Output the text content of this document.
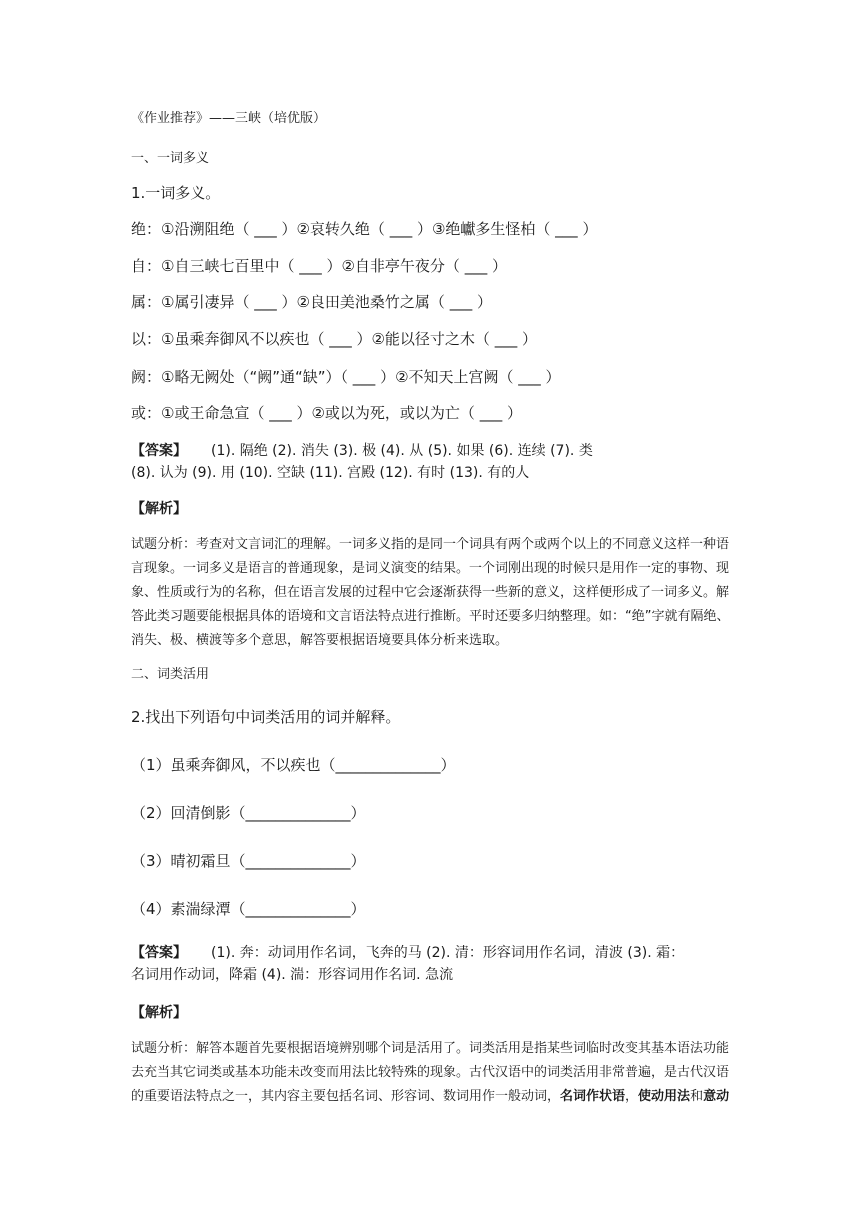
《作业推荐》——三峡（培优版）
一、一词多义
1.一词多义。
绝：①沿溯阻绝（ ___ ）②哀转久绝（ ___ ）③绝巘多生怪柏（ ___ ）
自：①自三峡七百里中（ ___ ）②自非亭午夜分（ ___ ）
属：①属引凄异（ ___ ）②良田美池桑竹之属（ ___ ）
以：①虽乘奔御风不以疾也（ ___ ）②能以径寸之木（ ___ ）
阙：①略无阙处（“阙”通“缺”）（ ___ ）②不知天上宫阙（ ___ ）
或：①或王命急宣（ ___ ）②或以为死，或以为亡（ ___ ）
【答案】 (1). 隔绝 (2). 消失 (3). 极 (4). 从 (5). 如果 (6). 连续 (7). 类
(8). 认为 (9). 用 (10). 空缺 (11). 宫殿 (12). 有时 (13). 有的人
【解析】
试题分析：考查对文言词汇的理解。一词多义指的是同一个词具有两个或两个以上的不同意义这样一种语言现象。一词多义是语言的普通现象，是词义演变的结果。一个词刚出现的时候只是用作一定的事物、现象、性质或行为的名称，但在语言发展的过程中它会逐渐获得一些新的意义，这样便形成了一词多义。解答此类习题要能根据具体的语境和文言语法特点进行推断。平时还要多归纳整理。如：“绝”字就有隔绝、消失、极、横渡等多个意思，解答要根据语境要具体分析来选取。
二、词类活用
2.找出下列语句中词类活用的词并解释。
（1）虽乘奔御风，不以疾也（______________）
（2）回清倒影（______________）
（3）晴初霜旦（______________）
（4）素湍绿潭（______________）
【答案】 (1). 奔：动词用作名词，飞奔的马 (2). 清：形容词用作名词，清波 (3). 霜：
名词用作动词，降霜 (4). 湍：形容词用作名词. 急流
【解析】
试题分析：解答本题首先要根据语境辨别哪个词是活用了。词类活用是指某些词临时改变其基本语法功能
去充当其它词类或基本功能未改变而用法比较特殊的现象。古代汉语中的词类活用非常普遍，是古代汉语
的重要语法特点之一，其内容主要包括名词、形容词、数词用作一般动词，名词作状语，使动用法和意动
